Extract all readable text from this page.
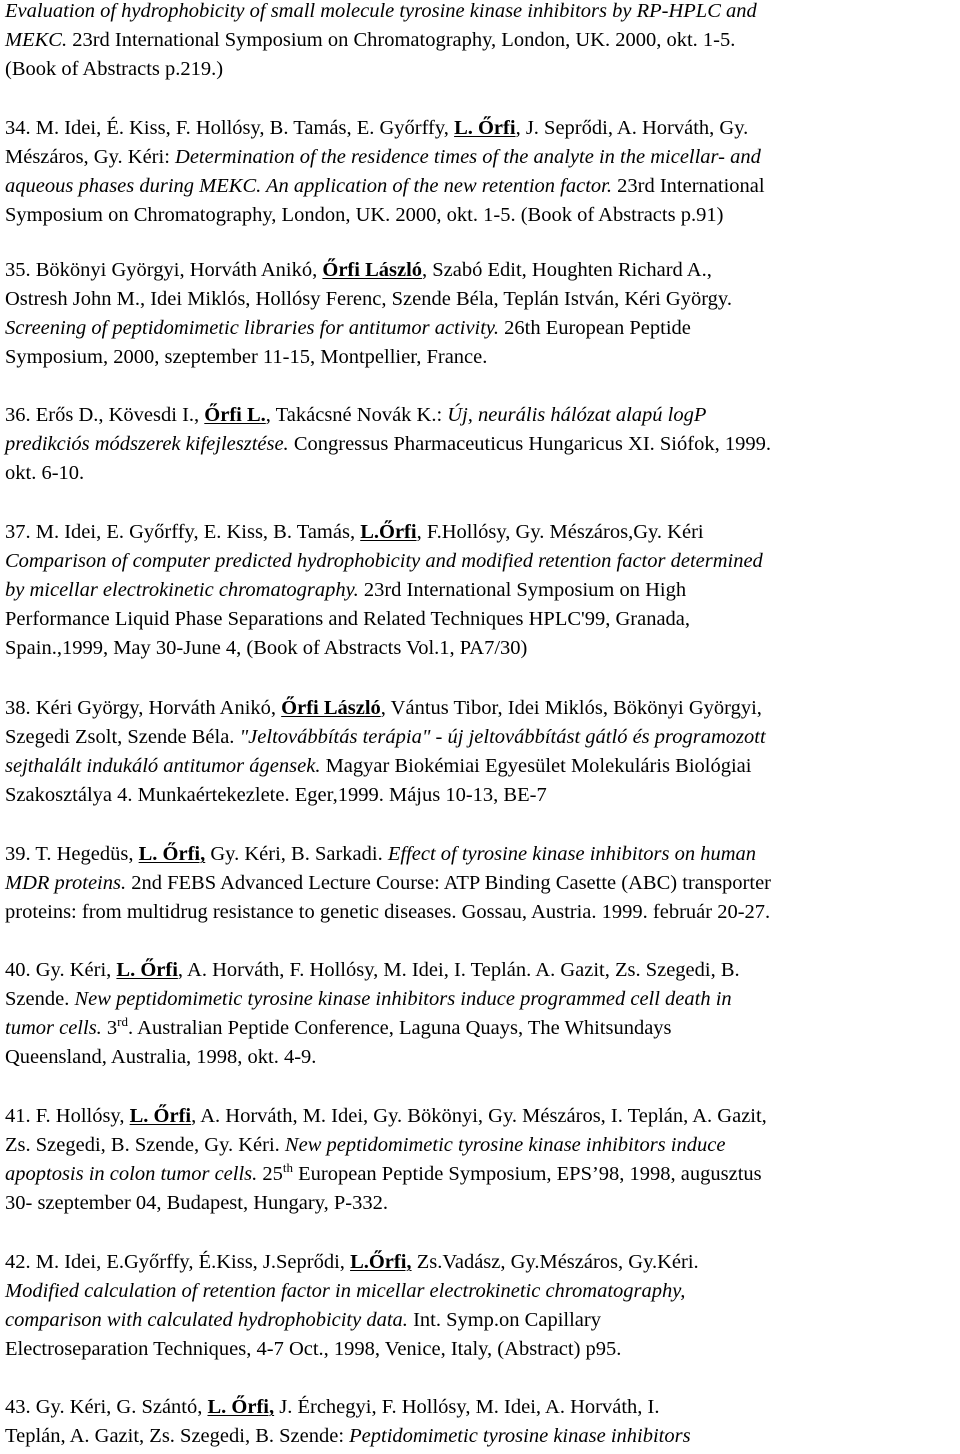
Evaluation of hydrophobicity of small molecule tyrosine kinase inhibitors by RP-HPLC and
MEKC. 23rd International Symposium on Chromatography, London, UK. 2000, okt. 1-5.
(Book of Abstracts p.219.)
34. M. Idei, É. Kiss, F. Hollósy, B. Tamás, E. Győrffy, L. Őrfi, J. Seprődi, A. Horváth, Gy.
Mészáros, Gy. Kéri: Determination of the residence times of the analyte in the micellar- and
aqueous phases during MEKC. An application of the new retention factor. 23rd International
Symposium on Chromatography, London, UK. 2000, okt. 1-5. (Book of Abstracts p.91)
35. Bökönyi Györgyi, Horváth Anikó, Őrfi László, Szabó Edit, Houghten Richard A.,
Ostresh John M., Idei Miklós, Hollósy Ferenc, Szende Béla, Teplán István, Kéri György.
Screening of peptidomimetic libraries for antitumor activity. 26th European Peptide
Symposium, 2000, szeptember 11-15, Montpellier, France.
36. Erős D., Kövesdi I., Őrfi L., Takácsné Novák K.: Új, neurális hálózat alapú logP
predikciós módszerek kifejlesztése. Congressus Pharmaceuticus Hungaricus XI. Siófok, 1999.
okt. 6-10.
37. M. Idei, E. Győrffy, E. Kiss, B. Tamás, L.Őrfi, F.Hollósy, Gy. Mészáros,Gy. Kéri
Comparison of computer predicted hydrophobicity and modified retention factor determined
by micellar electrokinetic chromatography. 23rd International Symposium on High
Performance Liquid Phase Separations and Related Techniques HPLC'99, Granada,
Spain.,1999, May 30-June 4, (Book of Abstracts Vol.1, PA7/30)
38. Kéri György, Horváth Anikó, Őrfi László, Vántus Tibor, Idei Miklós, Bökönyi Györgyi,
Szegedi Zsolt, Szende Béla. "Jeltovábbítás terápia" - új jeltovábbítást gátló és programozott
sejthalált indukáló antitumor ágensek. Magyar Biokémiai Egyesület Molekuláris Biológiai
Szakosztálya 4. Munkaértekezlete. Eger,1999. Május 10-13, BE-7
39. T. Hegedüs, L. Őrfi, Gy. Kéri, B. Sarkadi. Effect of tyrosine kinase inhibitors on human
MDR proteins. 2nd FEBS Advanced Lecture Course: ATP Binding Casette (ABC) transporter
proteins: from multidrug resistance to genetic diseases. Gossau, Austria. 1999. február 20-27.
40. Gy. Kéri, L. Őrfi, A. Horváth, F. Hollósy, M. Idei, I. Teplán. A. Gazit, Zs. Szegedi, B.
Szende. New peptidomimetic tyrosine kinase inhibitors induce programmed cell death in
tumor cells. 3rd. Australian Peptide Conference, Laguna Quays, The Whitsundays
Queensland, Australia, 1998, okt. 4-9.
41. F. Hollósy, L. Őrfi, A. Horváth, M. Idei, Gy. Bökönyi, Gy. Mészáros, I. Teplán, A. Gazit,
Zs. Szegedi, B. Szende, Gy. Kéri. New peptidomimetic tyrosine kinase inhibitors induce
apoptosis in colon tumor cells. 25th European Peptide Symposium, EPS’98, 1998, augusztus
30- szeptember 04, Budapest, Hungary, P-332.
42. M. Idei, E.Győrffy, É.Kiss, J.Seprődi, L.Őrfi, Zs.Vadász, Gy.Mészáros, Gy.Kéri.
Modified calculation of retention factor in micellar electrokinetic chromatography,
comparison with calculated hydrophobicity data. Int. Symp.on Capillary
Electroseparation Techniques, 4-7 Oct., 1998, Venice, Italy, (Abstract) p95.
43. Gy. Kéri, G. Szántó, L. Őrfi, J. Érchegyi, F. Hollósy, M. Idei, A. Horváth, I.
Teplán, A. Gazit, Zs. Szegedi, B. Szende: Peptidomimetic tyrosine kinase inhibitors
